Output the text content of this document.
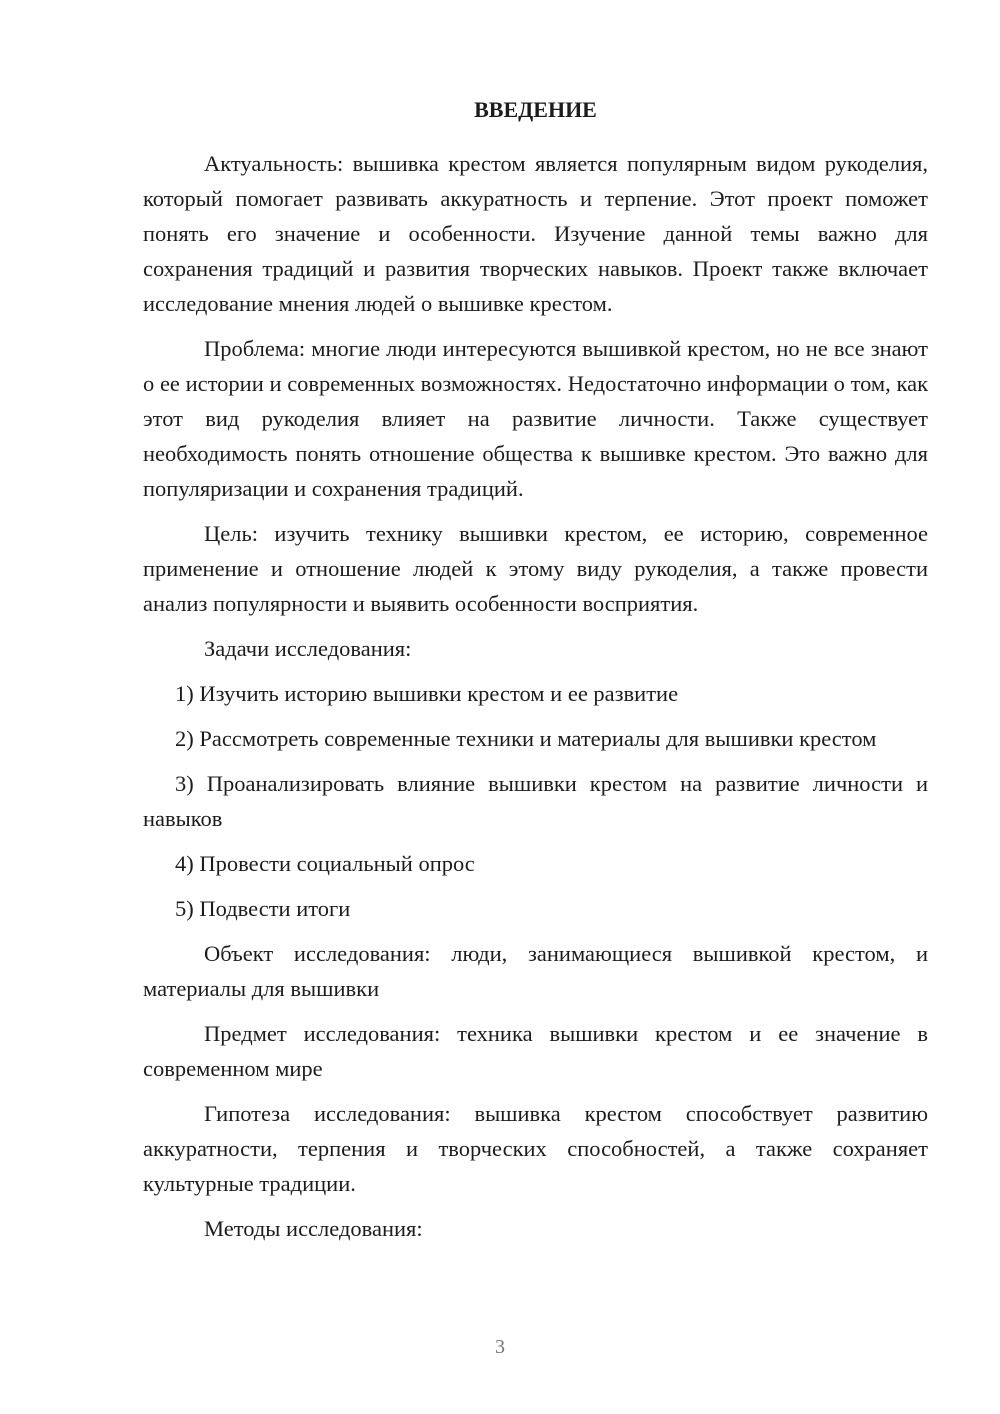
ВВЕДЕНИЕ

Актуальность: вышивка крестом является популярным видом рукоделия, который помогает развивать аккуратность и терпение. Этот проект поможет понять его значение и особенности. Изучение данной темы важно для сохранения традиций и развития творческих навыков. Проект также включает исследование мнения людей о вышивке крестом.

Проблема: многие люди интересуются вышивкой крестом, но не все знают о ее истории и современных возможностях. Недостаточно информации о том, как этот вид рукоделия влияет на развитие личности. Также существует необходимость понять отношение общества к вышивке крестом. Это важно для популяризации и сохранения традиций.

Цель: изучить технику вышивки крестом, ее историю, современное применение и отношение людей к этому виду рукоделия, а также провести анализ популярности и выявить особенности восприятия.

Задачи исследования:

1) Изучить историю вышивки крестом и ее развитие

2) Рассмотреть современные техники и материалы для вышивки крестом

3) Проанализировать влияние вышивки крестом на развитие личности и навыков

4) Провести социальный опрос

5) Подвести итоги

Объект исследования: люди, занимающиеся вышивкой крестом, и материалы для вышивки

Предмет исследования: техника вышивки крестом и ее значение в современном мире

Гипотеза исследования: вышивка крестом способствует развитию аккуратности, терпения и творческих способностей, а также сохраняет культурные традиции.

Методы исследования:

3
